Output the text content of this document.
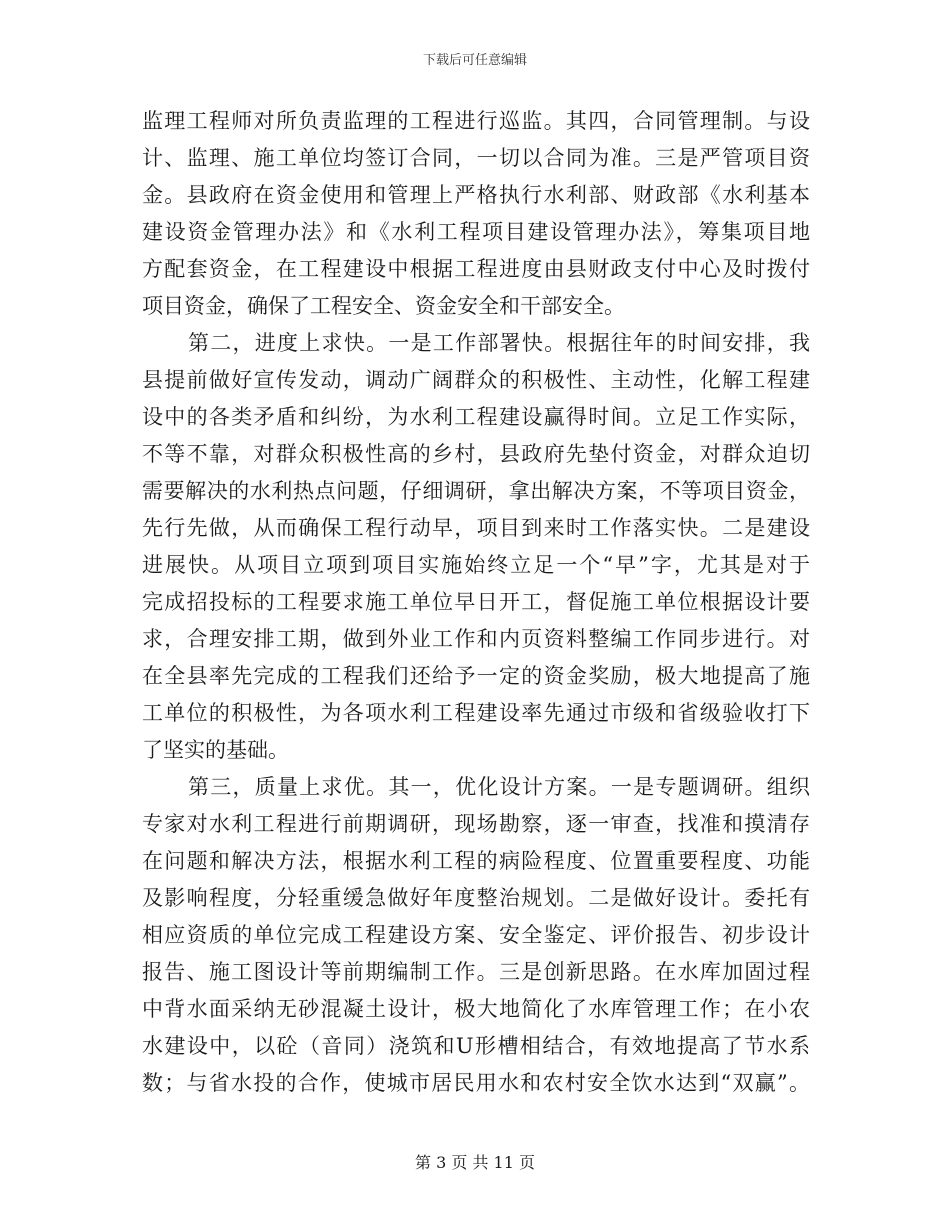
下载后可任意编辑
监理工程师对所负责监理的工程进行巡监。其四，合同管理制。与设
计、监理、施工单位均签订合同，一切以合同为准。三是严管项目资
金。县政府在资金使用和管理上严格执行水利部、财政部《水利基本
建设资金管理办法》和《水利工程项目建设管理办法》，筹集项目地
方配套资金，在工程建设中根据工程进度由县财政支付中心及时拨付
项目资金，确保了工程安全、资金安全和干部安全。
第二，进度上求快。一是工作部署快。根据往年的时间安排，我
县提前做好宣传发动，调动广阔群众的积极性、主动性，化解工程建
设中的各类矛盾和纠纷，为水利工程建设赢得时间。立足工作实际，
不等不靠，对群众积极性高的乡村，县政府先垫付资金，对群众迫切
需要解决的水利热点问题，仔细调研，拿出解决方案，不等项目资金，
先行先做，从而确保工程行动早，项目到来时工作落实快。二是建设
进展快。从项目立项到项目实施始终立足一个“早”字，尤其是对于
完成招投标的工程要求施工单位早日开工，督促施工单位根据设计要
求，合理安排工期，做到外业工作和内页资料整编工作同步进行。对
在全县率先完成的工程我们还给予一定的资金奖励，极大地提高了施
工单位的积极性，为各项水利工程建设率先通过市级和省级验收打下
了坚实的基础。
第三，质量上求优。其一，优化设计方案。一是专题调研。组织
专家对水利工程进行前期调研，现场勘察，逐一审查，找准和摸清存
在问题和解决方法，根据水利工程的病险程度、位置重要程度、功能
及影响程度，分轻重缓急做好年度整治规划。二是做好设计。委托有
相应资质的单位完成工程建设方案、安全鉴定、评价报告、初步设计
报告、施工图设计等前期编制工作。三是创新思路。在水库加固过程
中背水面采纳无砂混凝土设计，极大地简化了水库管理工作；在小农
水建设中，以砼（音同）浇筑和U形槽相结合，有效地提高了节水系
数；与省水投的合作，使城市居民用水和农村安全饮水达到“双赢”。
第 3 页 共 11 页
